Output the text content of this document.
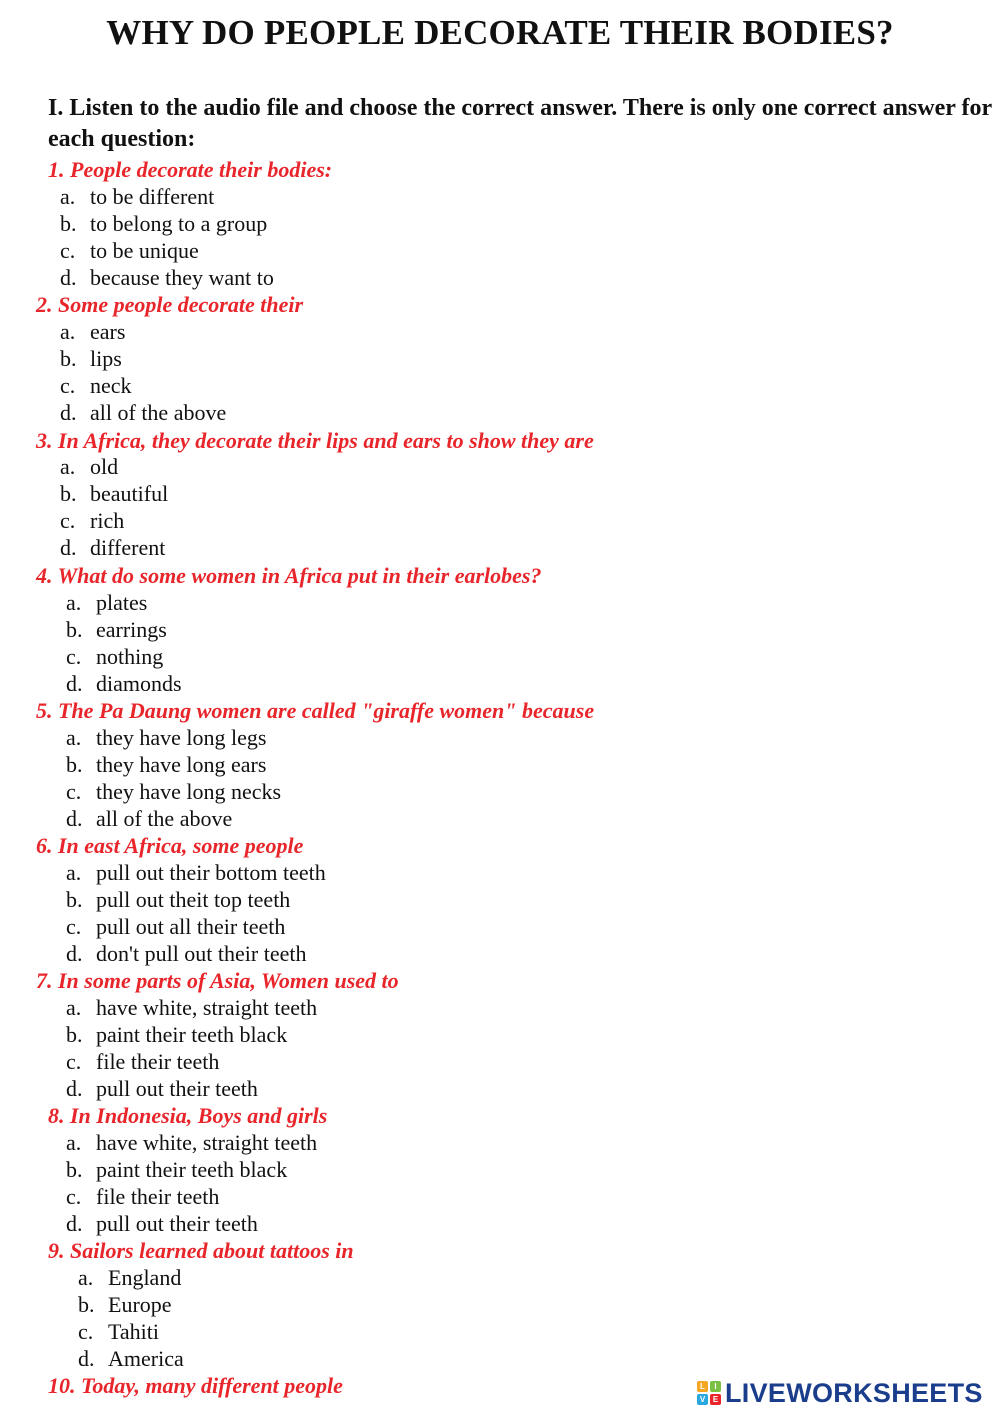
WHY DO PEOPLE DECORATE THEIR BODIES?

I. Listen to the audio file and choose the correct answer. There is only one correct answer for each question:

1. People decorate their bodies:
a. to be different
b. to belong to a group
c. to be unique
d. because they want to
2. Some people decorate their
a. ears
b. lips
c. neck
d. all of the above
3. In Africa, they decorate their lips and ears to show they are
a. old
b. beautiful
c. rich
d. different
4. What do some women in Africa put in their earlobes?
a. plates
b. earrings
c. nothing
d. diamonds
5. The Pa Daung women are called "giraffe women" because
a. they have long legs
b. they have long ears
c. they have long necks
d. all of the above
6. In east Africa, some people
a. pull out their bottom teeth
b. pull out theit top teeth
c. pull out all their teeth
d. don't pull out their teeth
7. In some parts of Asia, Women used to
a. have white, straight teeth
b. paint their teeth black
c. file their teeth
d. pull out their teeth
8. In Indonesia, Boys and girls
a. have white, straight teeth
b. paint their teeth black
c. file their teeth
d. pull out their teeth
9. Sailors learned about tattoos in
a. England
b. Europe
c. Tahiti
d. America
10. Today, many different people	L	I
V E LIVEWORKSHEETS
